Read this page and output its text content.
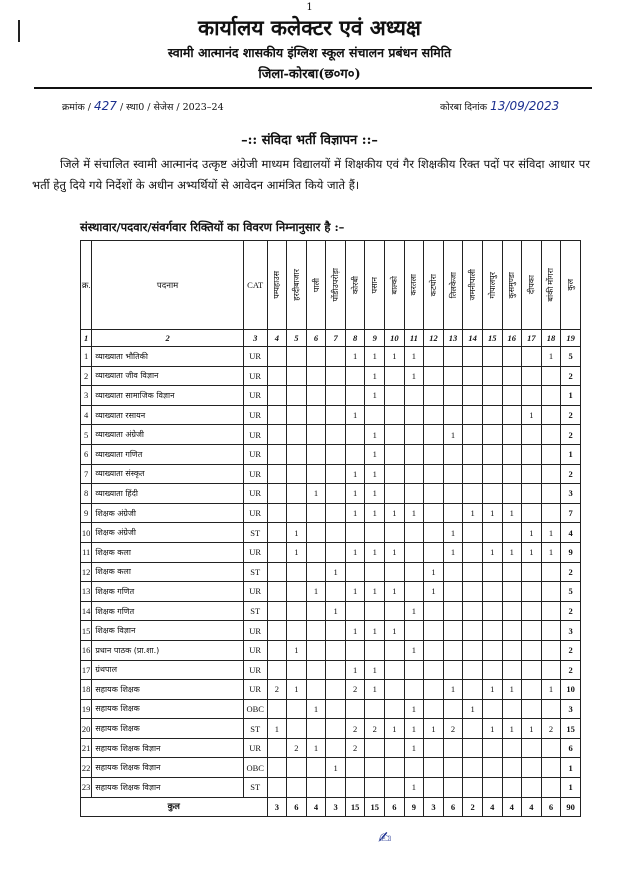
1
कार्यालय कलेक्टर एवं अध्यक्ष
स्वामी आत्मानंद शासकीय इंग्लिश स्कूल संचालन प्रबंधन समिति
जिला-कोरबा(छ०ग०)
क्रमांक / 427 / स्था0 / सेजेस / 2023–24	कोरबा दिनांक 13/09/2023
–:: संविदा भर्ती विज्ञापन ::–
जिले में संचालित स्वामी आत्मानंद उत्कृष्ट अंग्रेजी माध्यम विद्यालयों में शिक्षकीय एवं गैर शिक्षकीय रिक्त पदों पर संविदा आधार पर भर्ती हेतु दिये गये निर्देशों के अधीन अभ्यर्थियों से आवेदन आमंत्रित किये जाते हैं।
संस्थावार/पदवार/संवर्गवार रिक्तियों का विवरण निम्नानुसार है :–
क्र.	पदनाम	CAT	पम्पहाउस	हरदीबाजार	पाली	पोंडीउपरोड़ा	कोरबी	पसान	बाल्को	करतला	कटघोरा	तिलकेजा	जमनीपाली	गोपालपुर	कुसमुण्डा	दीपका	बांकी मोंगरा	कुल

1	2	3	4	5	6	7	8	9	10	11	12	13	14	15	16	17	18	19
1	व्याख्याता भौतिकी	UR					1	1	1	1							1	5
2	व्याख्याता जीव विज्ञान	UR						1		1								2
3	व्याख्याता सामाजिक विज्ञान	UR						1										1
4	व्याख्याता रसायन	UR					1									1		2
5	व्याख्याता अंग्रेजी	UR						1				1						2
6	व्याख्याता गणित	UR						1										1
7	व्याख्याता संस्कृत	UR					1	1										2
8	व्याख्याता हिंदी	UR			1		1	1										3
9	शिक्षक अंग्रेजी	UR					1	1	1	1			1	1	1			7
10	शिक्षक अंग्रेजी	ST		1								1				1	1	4
11	शिक्षक कला	UR		1			1	1	1			1		1	1	1	1	9
12	शिक्षक कला	ST				1					1							2
13	शिक्षक गणित	UR			1		1	1	1		1							5
14	शिक्षक गणित	ST				1				1								2
15	शिक्षक विज्ञान	UR					1	1	1									3
16	प्रधान पाठक (प्रा.शा.)	UR		1						1								2
17	ग्रंथपाल	UR					1	1										2
18	सहायक शिक्षक	UR	2	1			2	1				1		1	1		1	10
19	सहायक शिक्षक	OBC			1					1			1					3
20	सहायक शिक्षक	ST	1				2	2	1	1	1	2		1	1	1	2	15
21	सहायक शिक्षक विज्ञान	UR		2	1		2			1								6
22	सहायक शिक्षक विज्ञान	OBC				1												1
23	सहायक शिक्षक विज्ञान	ST								1								1
कुल			3	6	4	3	15	15	6	9	3	6	2	4	4	4	6	90
✍
